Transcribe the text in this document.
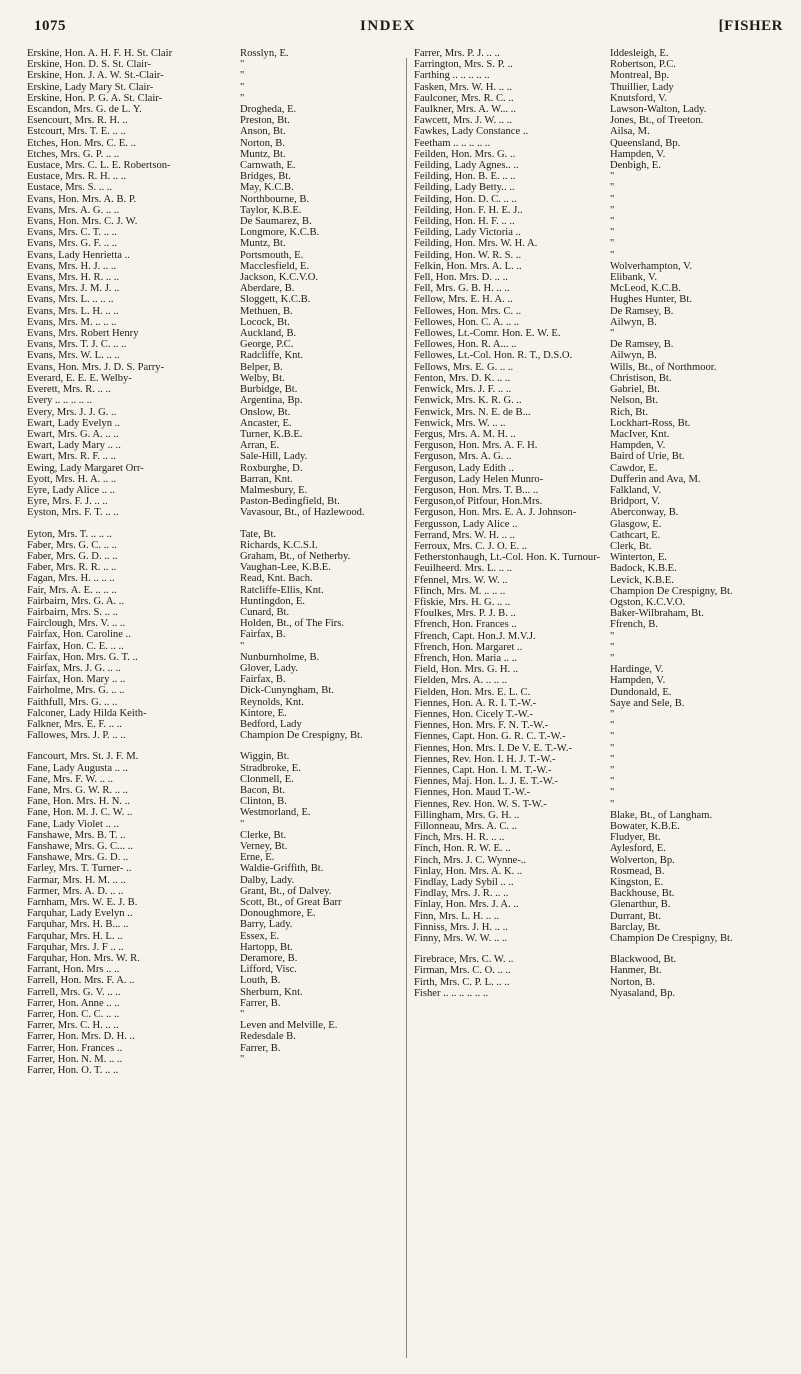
1075	INDEX	[FISHER
Erskine, Hon. A. H. F. H. St. Clair	Rosslyn, E.
Erskine, Hon. D. S. St. Clair-	"
Erskine, Hon. J. A. W. St.-Clair-	"
Erskine, Lady Mary St. Clair-	"
Erskine, Hon. P. G. A. St. Clair-	"
Escandon, Mrs. G. de L. Y.	Drogheda, E.
Esencourt, Mrs. R. H. ..	Preston, Bt.
Estcourt, Mrs. T. E. .. ..	Anson, Bt.
Etches, Hon. Mrs. C. E. ..	Norton, B.
Etches, Mrs. G. P. .. ..	Muntz, Bt.
Eustace, Mrs. C. L. E. Robertson-	Carnwath, E.
Eustace, Mrs. R. H. .. ..	Bridges, Bt.
Eustace, Mrs. S. .. ..	May, K.C.B.
Evans, Hon. Mrs. A. B. P.	Northbourne, B.
Evans, Mrs. A. G. .. ..	Taylor, K.B.E.
Evans, Hon. Mrs. C. J. W.	De Saumarez, B.
Evans, Mrs. C. T. .. ..	Longmore, K.C.B.
Evans, Mrs. G. F. .. ..	Muntz, Bt.
Evans, Lady Henrietta ..	Portsmouth, E.
Evans, Mrs. H. J. .. ..	Macclesfield, E.
Evans, Mrs. H. R. .. ..	Jackson, K.C.V.O.
Evans, Mrs. J. M. J. ..	Aberdare, B.
Evans, Mrs. L. .. .. ..	Sloggett, K.C.B.
Evans, Mrs. L. H. .. ..	Methuen, B.
Evans, Mrs. M. .. .. ..	Locock, Bt.
Evans, Mrs. Robert Henry	Auckland, B.
Evans, Mrs. T. J. C. .. ..	George, P.C.
Evans, Mrs. W. L. .. ..	Radcliffe, Knt.
Evans, Hon. Mrs. J. D. S. Parry-	Belper, B.
Everard, E. E. E. Welby-	Welby, Bt.
Everett, Mrs. R. .. ..	Burbidge, Bt.
Every .. .. .. .. ..	Argentina, Bp.
Every, Mrs. J. J. G. ..	Onslow, Bt.
Ewart, Lady Evelyn ..	Ancaster, E.
Ewart, Mrs. G. A. .. ..	Turner, K.B.E.
Ewart, Lady Mary .. ..	Arran, E.
Ewart, Mrs. R. F. .. ..	Sale-Hill, Lady.
Ewing, Lady Margaret Orr-	Roxburghe, D.
Eyott, Mrs. H. A. .. ..	Barran, Knt.
Eyre, Lady Alice .. ..	Malmesbury, E.
Eyre, Mrs. F. J. .. ..	Paston-Bedingfield, Bt.
Eyston, Mrs. F. T. .. ..	Vavasour, Bt., of Hazlewood.
Eyton, Mrs. T. .. .. ..	Tate, Bt.
Faber, Mrs. G. C. .. ..	Richards, K.C.S.I.
Faber, Mrs. G. D. .. ..	Graham, Bt., of Netherby.
Faber, Mrs. R. R. .. ..	Vaughan-Lee, K.B.E.
Fagan, Mrs. H. .. .. ..	Read, Knt. Bach.
Fair, Mrs. A. E. .. .. ..	Ratcliffe-Ellis, Knt.
Fairbairn, Mrs. G. A. ..	Huntingdon, E.
Fairbairn, Mrs. S. .. ..	Cunard, Bt.
Fairclough, Mrs. V. .. ..	Holden, Bt., of The Firs.
Fairfax, Hon. Caroline ..	Fairfax, B.
Fairfax, Hon. C. E. .. ..	"
Fairfax, Hon. Mrs. G. T. ..	Nunburnholme, B.
Fairfax, Mrs. J. G. .. ..	Glover, Lady.
Fairfax, Hon. Mary .. ..	Fairfax, B.
Fairholme, Mrs. G. .. ..	Dick-Cunyngham, Bt.
Faithfull, Mrs. G. .. ..	Reynolds, Knt.
Falconer, Lady Hilda Keith-	Kintore, E.
Falkner, Mrs. E. F. .. ..	Bedford, Lady
Fallowes, Mrs. J. P. .. ..	Champion De Crespigny, Bt.
Fancourt, Mrs. St. J. F. M.	Wiggin, Bt.
Fane, Lady Augusta .. ..	Stradbroke, E.
Fane, Mrs. F. W. .. ..	Clonmell, E.
Fane, Mrs. G. W. R. .. ..	Bacon, Bt.
Fane, Hon. Mrs. H. N. ..	Clinton, B.
Fane, Hon. M. J. C. W. ..	Westmorland, E.
Fane, Lady Violet .. ..	"
Fanshawe, Mrs. B. T. ..	Clerke, Bt.
Fanshawe, Mrs. G. C... ..	Verney, Bt.
Fanshawe, Mrs. G. D. ..	Erne, E.
Farley, Mrs. T. Turner- ..	Waldie-Griffith, Bt.
Farmar, Mrs. H. M. .. ..	Dalby, Lady.
Farmer, Mrs. A. D. .. ..	Grant, Bt., of Dalvey.
Farnham, Mrs. W. E. J. B.	Scott, Bt., of Great Barr
Farquhar, Lady Evelyn ..	Donoughmore, E.
Farquhar, Mrs. H. B... ..	Barry, Lady.
Farquhar, Mrs. H. L. ..	Essex, E.
Farquhar, Mrs. J. F .. ..	Hartopp, Bt.
Farquhar, Hon. Mrs. W. R.	Deramore, B.
Farrant, Hon. Mrs .. ..	Lifford, Visc.
Farrell, Hon. Mrs. F. A. ..	Louth, B.
Farrell, Mrs. G. V. .. ..	Sherburn, Knt.
Farrer, Hon. Anne .. ..	Farrer, B.
Farrer, Hon. C. C. .. ..	"
Farrer, Mrs. C. H. .. ..	Leven and Melville, E.
Farrer, Hon. Mrs. D. H. ..	Redesdale B.
Farrer, Hon. Frances ..	Farrer, B.
Farrer, Hon. N. M. .. ..	"
Farrer, Hon. O. T. .. ..
Farrer, Mrs. P. J. .. ..	Iddesleigh, E.
Farrington, Mrs. S. P. ..	Robertson, P.C.
Farthing .. .. .. .. ..	Montreal, Bp.
Fasken, Mrs. W. H. .. ..	Thuillier, Lady
Faulconer, Mrs. R. C. ..	Knutsford, V.
Faulkner, Mrs. A. W... ..	Lawson-Walton, Lady.
Fawcett, Mrs. J. W. .. ..	Jones, Bt., of Treeton.
Fawkes, Lady Constance ..	Ailsa, M.
Feetham .. .. .. .. ..	Queensland, Bp.
Feilden, Hon. Mrs. G. ..	Hampden, V.
Feilding, Lady Agnes.. ..	Denbigh, E.
Feilding, Hon. B. E. .. ..	"
Feilding, Lady Betty.. ..	"
Feilding, Hon. D. C. .. ..	"
Feilding, Hon. F. H. E. J..	"
Feilding, Hon. H. F. .. ..	"
Feilding, Lady Victoria ..	"
Feilding, Hon. Mrs. W. H. A.	"
Feilding, Hon. W. R. S. ..	"
Felkin, Hon. Mrs. A. L. ..	Wolverhampton, V.
Fell, Hon. Mrs. D. .. ..	Elibank, V.
Fell, Mrs. G. B. H. .. ..	McLeod, K.C.B.
Fellow, Mrs. E. H. A. ..	Hughes Hunter, Bt.
Fellowes, Hon. Mrs. C. ..	De Ramsey, B.
Fellowes, Hon. C. A. .. ..	Ailwyn, B.
Fellowes, Lt.-Comr. Hon. E. W. E.	"
Fellowes, Hon. R. A... ..	De Ramsey, B.
Fellowes, Lt.-Col. Hon. R. T., D.S.O.	Ailwyn, B.
Fellows, Mrs. E. G. .. ..	Wills, Bt., of Northmoor.
Fenton, Mrs. D. K. .. ..	Christison, Bt.
Fenwick, Mrs. J. F. .. ..	Gabriel, Bt.
Fenwick, Mrs. K. R. G. ..	Nelson, Bt.
Fenwick, Mrs. N. E. de B...	Rich, Bt.
Fenwick, Mrs. W. .. ..	Lockhart-Ross, Bt.
Fergus, Mrs. A. M. H. ..	MacIver, Knt.
Ferguson, Hon. Mrs. A. F. H.	Hampden, V.
Ferguson, Mrs. A. G. ..	Baird of Urie, Bt.
Ferguson, Lady Edith ..	Cawdor, E.
Ferguson, Lady Helen Munro-	Dufferin and Ava, M.
Ferguson, Hon. Mrs. T. B... ..	Falkland, V.
Ferguson,of Pitfour, Hon.Mrs.	Bridport, V.
Ferguson, Hon. Mrs. E. A. J. Johnson-	Aberconway, B.
Fergusson, Lady Alice ..	Glasgow, E.
Ferrand, Mrs. W. H. .. ..	Cathcart, E.
Ferroux, Mrs. C. J. O. E. ..	Clerk, Bt.
Fetherstonhaugh, Lt.-Col. Hon. K. Turnour- Winterton, E.
Feuilheerd. Mrs. L. .. ..	Badock, K.B.E.
Ffennel, Mrs. W. W. ..	Levick, K.B.E.
Ffinch, Mrs. M. .. .. ..	Champion De Crespigny, Bt.
Ffiskie, Mrs. H. G. .. ..	Ogston, K.C.V.O.
Ffoulkes, Mrs. P. J. B. ..	Baker-Wilbraham, Bt.
Ffrench, Hon. Frances ..	Ffrench, B.
Ffrench, Capt. Hon.J. M.V.J.	"
Ffrench, Hon. Margaret ..	"
Ffrench, Hon. Maria .. ..	"
Field, Hon. Mrs. G. H. ..	Hardinge, V.
Fielden, Mrs. A. .. .. ..	Hampden, V.
Fielden, Hon. Mrs. E. L. C.	Dundonald, E.
Fiennes, Hon. A. R. I. T.-W.-	Saye and Sele, B.
Fiennes, Hon. Cicely T.-W.-	"
Fiennes, Hon. Mrs. F. N. T.-W.-	"
Fiennes, Capt. Hon. G. R. C. T.-W.-	"
Fiennes, Hon. Mrs. I. De V. E. T.-W.-	"
Fiennes, Rev. Hon. I. H. J. T.-W.-	"
Fiennes, Capt. Hon. I. M. T.-W.-	"
Fiennes, Maj. Hon. L. J. E. T.-W.-	"
Fiennes, Hon. Maud T.-W.-	"
Fiennes, Rev. Hon. W. S. T-W.-	"
Fillingham, Mrs. G. H. ..	Blake, Bt., of Langham.
Fillonneau, Mrs. A. C. ..	Bowater, K.B.E.
Finch, Mrs. H. R. .. ..	Fludyer, Bt.
Finch, Hon. R. W. E. ..	Aylesford, E.
Finch, Mrs. J. C. Wynne-..	Wolverton, Bp.
Finlay, Hon. Mrs. A. K. ..	Rosmead, B.
Findlay, Lady Sybil .. ..	Kingston, E.
Findlay, Mrs. J. R. .. ..	Backhouse, Bt.
Finlay, Hon. Mrs. J. A. ..	Glenarthur, B.
Finn, Mrs. L. H. .. ..	Durrant, Bt.
Finniss, Mrs. J. H. .. ..	Barclay, Bt.
Finny, Mrs. W. W. .. ..	Champion De Crespigny, Bt.
Firebrace, Mrs. C. W. ..	Blackwood, Bt.
Firman, Mrs. C. O. .. ..	Hanmer, Bt.
Firth, Mrs. C. P. L. .. ..	Norton, B.
Fisher .. .. .. .. .. ..	Nyasaland, Bp.
